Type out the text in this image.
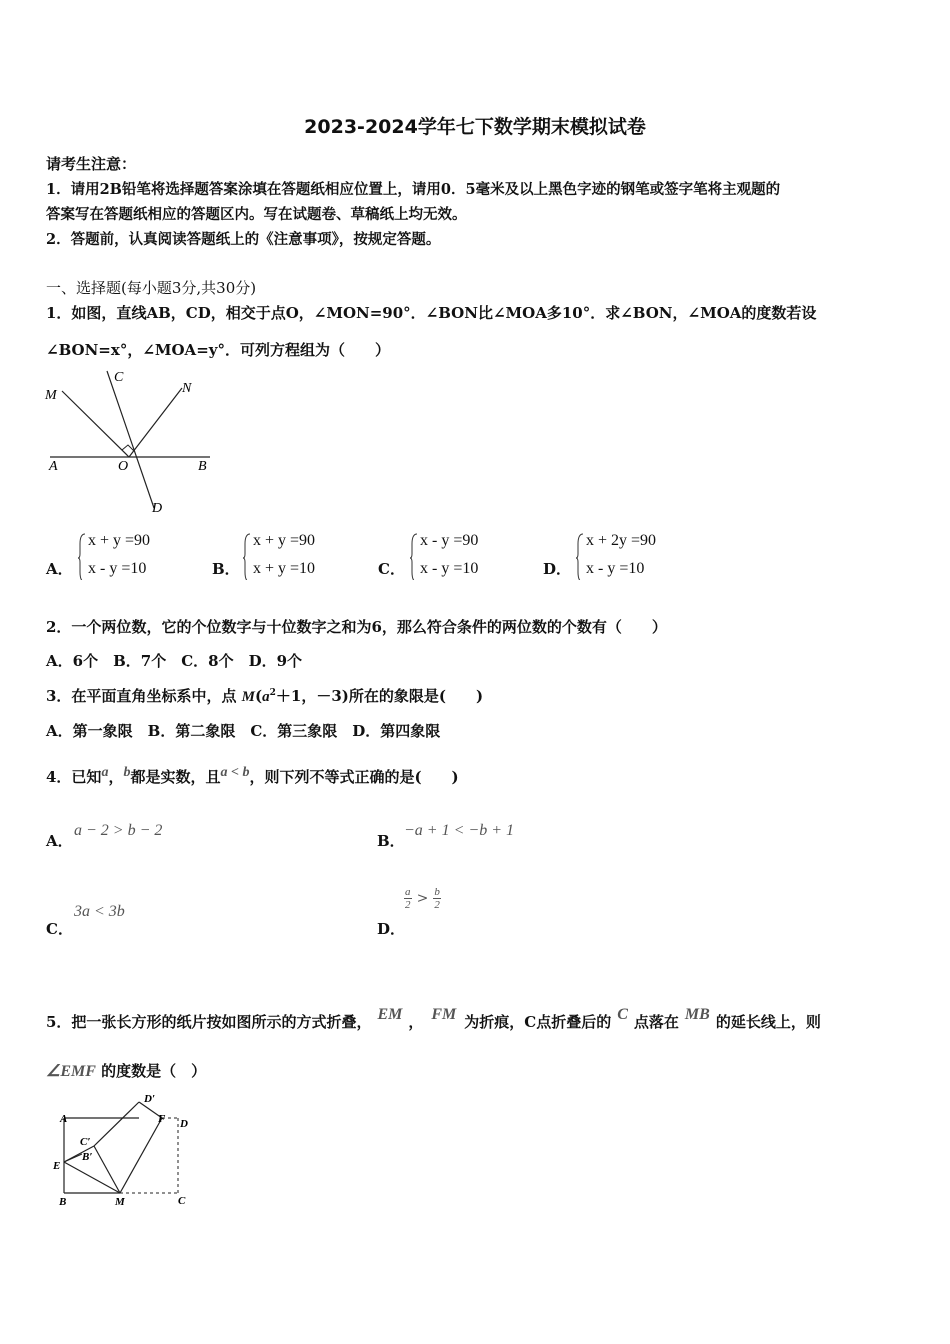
2023-2024学年七下数学期末模拟试卷
请考生注意：
1．请用2B铅笔将选择题答案涂填在答题纸相应位置上，请用0．5毫米及以上黑色字迹的钢笔或签字笔将主观题的
答案写在答题纸相应的答题区内。写在试题卷、草稿纸上均无效。
2．答题前，认真阅读答题纸上的《注意事项》，按规定答题。
一、选择题(每小题3分,共30分)
1．如图，直线AB，CD，相交于点O，∠MON=90°．∠BON比∠MOA多10°．求∠BON，∠MOA的度数若设
∠BON=x°，∠MOA=y°．可列方程组为（　　）
M
C
N
A	O	B
D
A．
x + y =90
x - y =10	B．
x + y =90
x + y =10	C．
x - y =90
x - y =10	D．
x + 2y =90
x - y =10
2．一个两位数，它的个位数字与十位数字之和为6，那么符合条件的两位数的个数有（　　）
A．6个　B．7个　C．8个　D．9个
3．在平面直角坐标系中，点 $M(a^2+1$，－3)所在的象限是(　　)
A．第一象限　B．第二象限　C．第三象限　D．第四象限
4．已知a，b都是实数，且a < b，则下列不等式正确的是(　　)
A．
a − 2 > b − 2
B．
−a + 1 < −b + 1
C．
3a < 3b
D．
$\frac{a}{2} > \frac{b}{2}$
5．把一张长方形的纸片按如图所示的方式折叠， EM ， FM 为折痕，C点折叠后的 C 点落在 MB 的延长线上，则
∠EMF 的度数是（　）
A
D′
F D
C′
B′
E
B	M	C
